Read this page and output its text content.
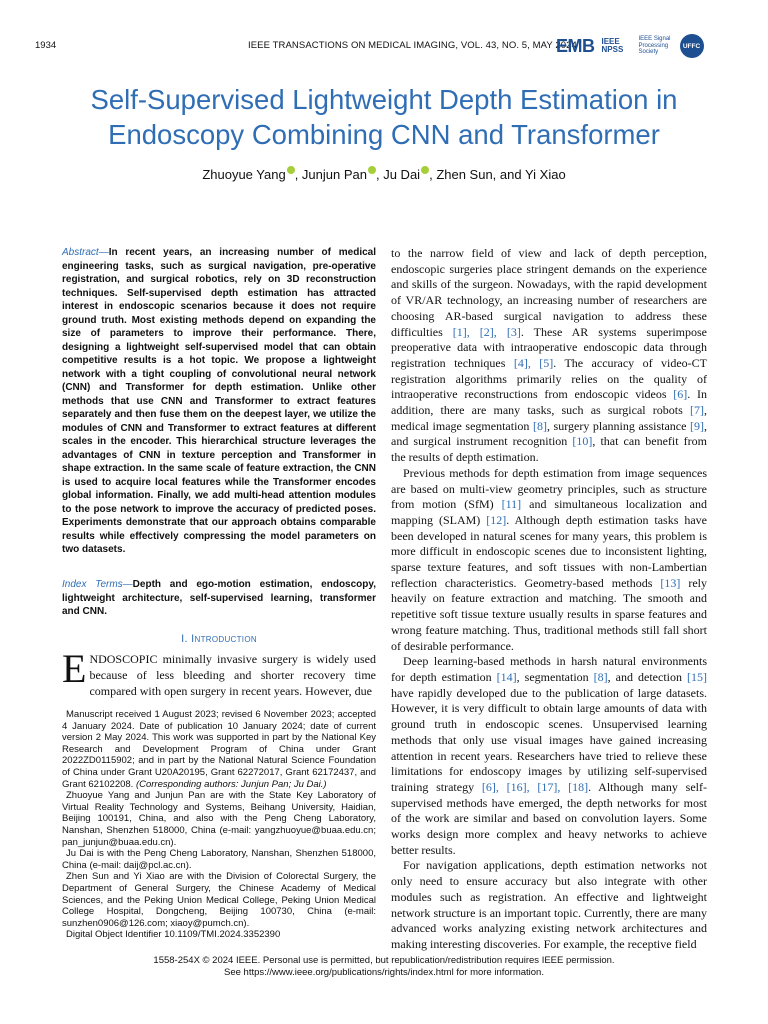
1934	IEEE TRANSACTIONS ON MEDICAL IMAGING, VOL. 43, NO. 5, MAY 2024
EMB IEEE NPSS
IEEE Signal Processing Society
UFFC
Self-Supervised Lightweight Depth Estimation in Endoscopy Combining CNN and Transformer
Zhuoyue Yang , Junjun Pan , Ju Dai , Zhen Sun, and Yi Xiao
Abstract—In recent years, an increasing number of medical engineering tasks, such as surgical navigation, pre-operative registration, and surgical robotics, rely on 3D reconstruction techniques. Self-supervised depth estimation has attracted interest in endoscopic scenarios because it does not require ground truth. Most existing methods depend on expanding the size of parameters to improve their performance. There, designing a lightweight self-supervised model that can obtain competitive results is a hot topic. We propose a lightweight network with a tight coupling of convolutional neural network (CNN) and Transformer for depth estimation. Unlike other methods that use CNN and Transformer to extract features separately and then fuse them on the deepest layer, we utilize the modules of CNN and Transformer to extract features at different scales in the encoder. This hierarchical structure leverages the advantages of CNN in texture perception and Transformer in shape extraction. In the same scale of feature extraction, the CNN is used to acquire local features while the Transformer encodes global information. Finally, we add multi-head attention modules to the pose network to improve the accuracy of predicted poses. Experiments demonstrate that our approach obtains comparable results while effectively compressing the model parameters on two datasets.
Index Terms—Depth and ego-motion estimation, endoscopy, lightweight architecture, self-supervised learning, transformer and CNN.
I. Introduction
ENDOSCOPIC minimally invasive surgery is widely used because of less bleeding and shorter recovery time compared with open surgery in recent years. However, due

Manuscript received 1 August 2023; revised 6 November 2023; accepted 4 January 2024. Date of publication 10 January 2024; date of current version 2 May 2024. This work was supported in part by the National Key Research and Development Program of China under Grant 2022ZD0115902; and in part by the National Natural Science Foundation of China under Grant U20A20195, Grant 62272017, Grant 62172437, and Grant 62102208. (Corresponding authors: Junjun Pan; Ju Dai.)

Zhuoyue Yang and Junjun Pan are with the State Key Laboratory of Virtual Reality Technology and Systems, Beihang University, Haidian, Beijing 100191, China, and also with the Peng Cheng Laboratory, Nanshan, Shenzhen 518000, China (e-mail: yangzhuoyue@buaa.edu.cn; pan_junjun@buaa.edu.cn).

Ju Dai is with the Peng Cheng Laboratory, Nanshan, Shenzhen 518000, China (e-mail: daij@pcl.ac.cn).

Zhen Sun and Yi Xiao are with the Division of Colorectal Surgery, the Department of General Surgery, the Chinese Academy of Medical Sciences, and the Peking Union Medical College, Peking Union Medical College Hospital, Dongcheng, Beijing 100730, China (e-mail: sunzhen0906@126.com; xiaoy@pumch.cn).

Digital Object Identifier 10.1109/TMI.2024.3352390

to the narrow field of view and lack of depth perception, endoscopic surgeries place stringent demands on the experience and skills of the surgeon. Nowadays, with the rapid development of VR/AR technology, an increasing number of researchers are choosing AR-based surgical navigation to address these difficulties [1], [2], [3]. These AR systems superimpose preoperative data with intraoperative endoscopic data through registration techniques [4], [5]. The accuracy of video-CT registration algorithms primarily relies on the quality of intraoperative reconstructions from endoscopic videos [6]. In addition, there are many tasks, such as surgical robots [7], medical image segmentation [8], surgery planning assistance [9], and surgical instrument recognition [10], that can benefit from the results of depth estimation.

Previous methods for depth estimation from image sequences are based on multi-view geometry principles, such as structure from motion (SfM) [11] and simultaneous localization and mapping (SLAM) [12]. Although depth estimation tasks have been developed in natural scenes for many years, this problem is more difficult in endoscopic scenes due to inconsistent lighting, sparse texture features, and soft tissues with non-Lambertian reflection characteristics. Geometry-based methods [13] rely heavily on feature extraction and matching. The smooth and repetitive soft tissue texture usually results in sparse features and wrong feature matching. Thus, traditional methods still fall short of desirable performance.

Deep learning-based methods in harsh natural environments for depth estimation [14], segmentation [8], and detection [15] have rapidly developed due to the publication of large datasets. However, it is very difficult to obtain large amounts of data with ground truth in endoscopic scenes. Unsupervised learning methods that only use visual images have gained increasing attention in recent years. Researchers have tried to relieve these limitations for endoscopy images by utilizing self-supervised training strategy [6], [16], [17], [18]. Although many self-supervised methods have emerged, the depth networks for most of the work are similar and based on convolution layers. Some works design more complex and heavy networks to achieve better results.

For navigation applications, depth estimation networks not only need to ensure accuracy but also integrate with other modules such as registration. An effective and lightweight network structure is an important topic. Currently, there are many advanced works analyzing existing network architectures and making interesting discoveries. For example, the receptive field

1558-254X © 2024 IEEE. Personal use is permitted, but republication/redistribution requires IEEE permission.
See https://www.ieee.org/publications/rights/index.html for more information.
